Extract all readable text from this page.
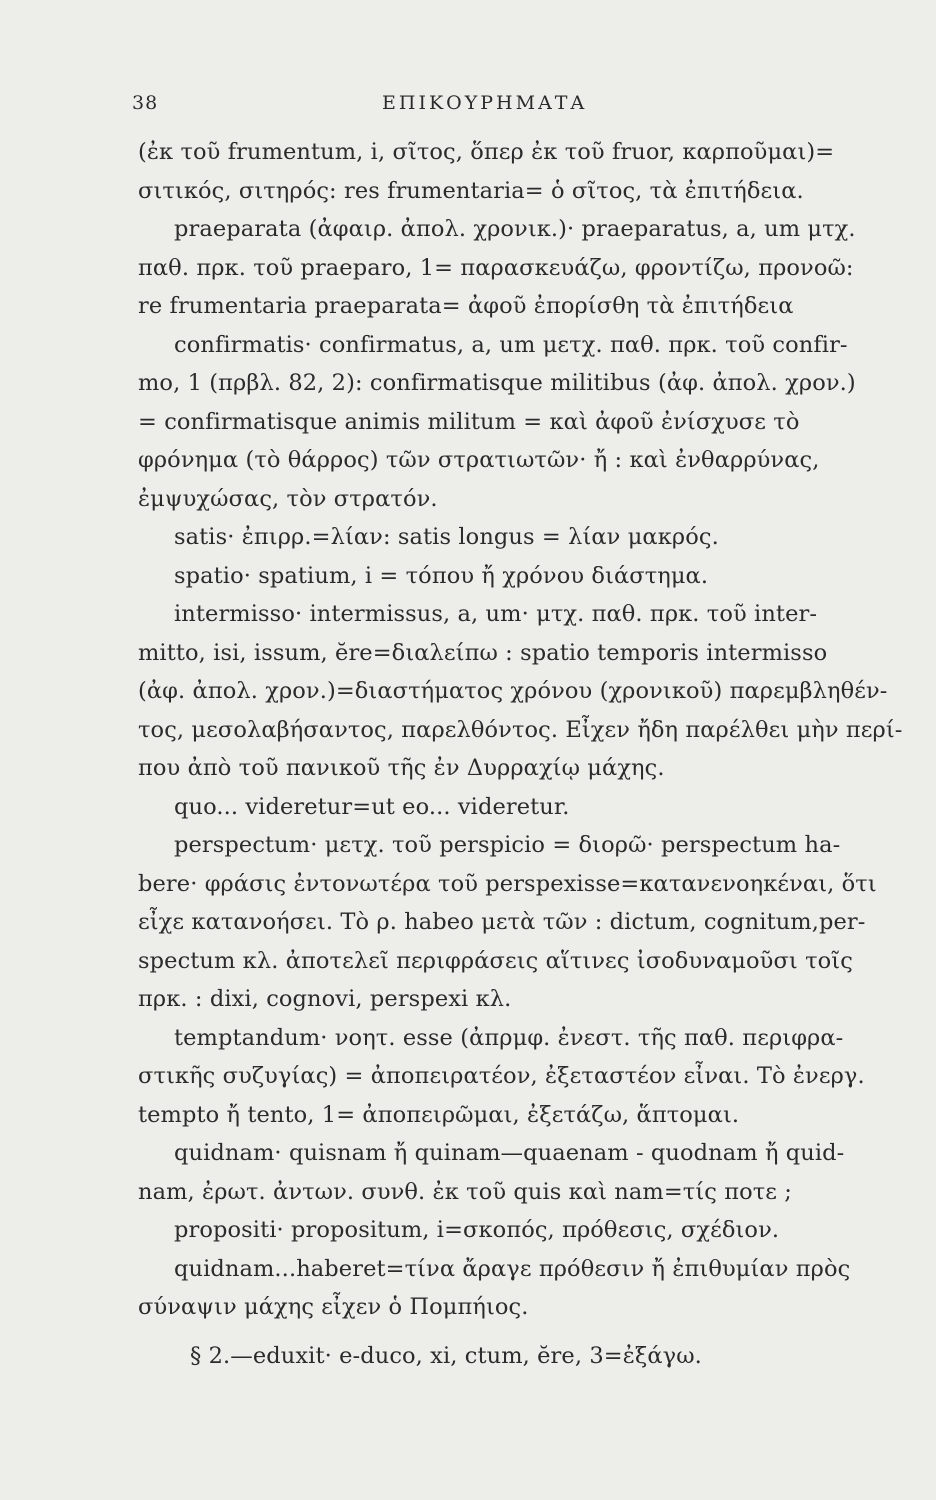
38	ΕΠΙΚΟΥΡΗΜΑΤΑ
(ἐκ τοῦ frumentum, i, σῖτος, ὅπερ ἐκ τοῦ fruor, καρποῦμαι)=
σιτικός, σιτηρός: res frumentaria= ὁ σῖτος, τὰ ἐπιτήδεια.
praeparata (ἀφαιρ. ἀπολ. χρονικ.)· praeparatus, a, um μτχ.
παθ. πρκ. τοῦ praeparo, 1= παρασκευάζω, φροντίζω, προνοῶ:
re frumentaria praeparata= ἀφοῦ ἐπορίσθη τὰ ἐπιτήδεια
confirmatis· confirmatus, a, um μετχ. παθ. πρκ. τοῦ confir-
mo, 1 (πρβλ. 82, 2): confirmatisque militibus (ἀφ. ἀπολ. χρον.)
= confirmatisque animis militum = καὶ ἀφοῦ ἐνίσχυσε τὸ
φρόνημα (τὸ θάρρος) τῶν στρατιωτῶν· ἤ : καὶ ἐνθαρρύνας,
ἐμψυχώσας, τὸν στρατόν.
satis· ἐπιρρ.=λίαν: satis longus = λίαν μακρός.
spatio· spatium, i = τόπου ἤ χρόνου διάστημα.
intermisso· intermissus, a, um· μτχ. παθ. πρκ. τοῦ inter-
mitto, isi, issum, ĕre=διαλείπω : spatio temporis intermisso
(ἀφ. ἀπολ. χρον.)=διαστήματος χρόνου (χρονικοῦ) παρεμβληθέν-
τος, μεσολαβήσαντος, παρελθόντος. Εἶχεν ἤδη παρέλθει μὴν περί-
που ἀπὸ τοῦ πανικοῦ τῆς ἐν Δυρραχίῳ μάχης.
quo... videretur=ut eo... videretur.
perspectum· μετχ. τοῦ perspicio = διορῶ· perspectum ha-
bere· φράσις ἐντονωτέρα τοῦ perspexisse=κατανενοηκέναι, ὅτι
εἶχε κατανοήσει. Τὸ ρ. habeo μετὰ τῶν : dictum, cognitum,per-
spectum κλ. ἀποτελεῖ περιφράσεις αἵτινες ἰσοδυναμοῦσι τοῖς
πρκ. : dixi, cognovi, perspexi κλ.
temptandum· νοητ. esse (ἀπρμφ. ἐνεστ. τῆς παθ. περιφρα-
στικῆς συζυγίας) = ἀποπειρατέον, ἐξεταστέον εἶναι. Τὸ ἐνεργ.
tempto ἤ tento, 1= ἀποπειρῶμαι, ἐξετάζω, ἅπτομαι.
quidnam· quisnam ἤ quinam—quaenam - quodnam ἤ quid-
nam, ἐρωτ. ἀντων. συνθ. ἐκ τοῦ quis καὶ nam=τίς ποτε ;
propositi· propositum, i=σκοπός, πρόθεσις, σχέδιον.
quidnam...haberet=τίνα ἄραγε πρόθεσιν ἤ ἐπιθυμίαν πρὸς
σύναψιν μάχης εἶχεν ὁ Πομπήιος.
§ 2.—eduxit· e-duco, xi, ctum, ĕre, 3=ἐξάγω.
